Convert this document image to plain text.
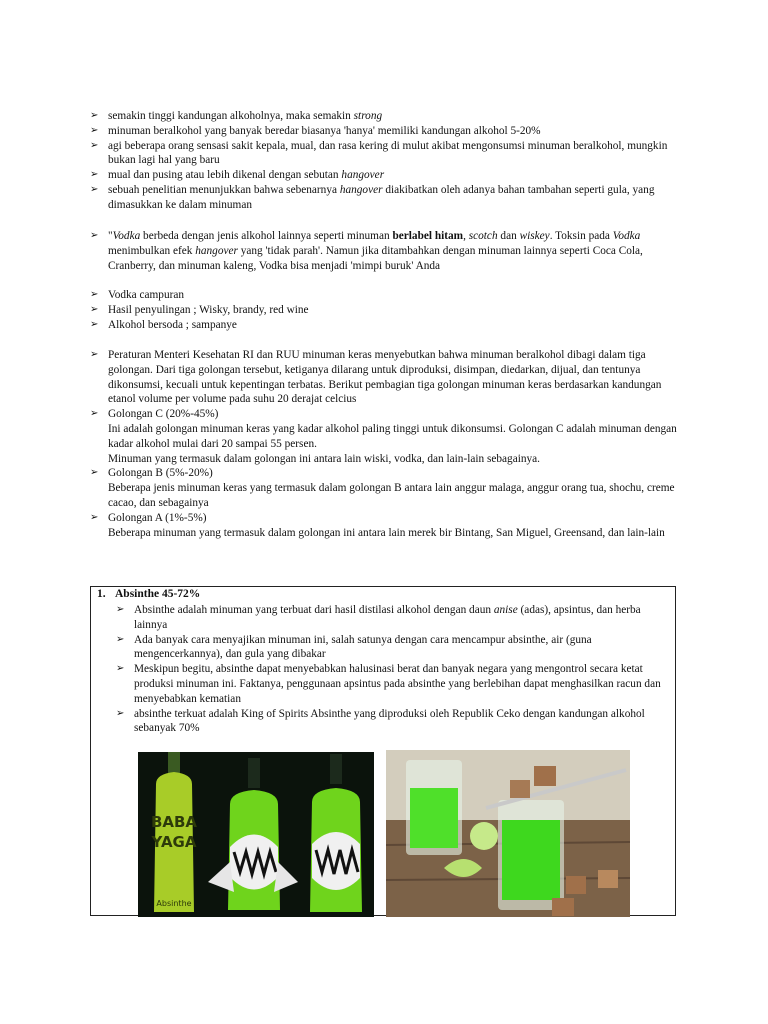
➢ semakin tinggi kandungan alkoholnya, maka semakin strong
➢ minuman beralkohol yang banyak beredar biasanya 'hanya' memiliki kandungan alkohol 5-20%
➢ agi beberapa orang sensasi sakit kepala, mual, dan rasa kering di mulut akibat mengonsumsi minuman beralkohol, mungkin bukan lagi hal yang baru
➢ mual dan pusing atau lebih dikenal dengan sebutan hangover
➢ sebuah penelitian menunjukkan bahwa sebenarnya hangover diakibatkan oleh adanya bahan tambahan seperti gula, yang dimasukkan ke dalam minuman
➢ "Vodka berbeda dengan jenis alkohol lainnya seperti minuman berlabel hitam, scotch dan wiskey. Toksin pada Vodka menimbulkan efek hangover yang 'tidak parah'. Namun jika ditambahkan dengan minuman lainnya seperti Coca Cola, Cranberry, dan minuman kaleng, Vodka bisa menjadi 'mimpi buruk' Anda
➢ Vodka campuran
➢ Hasil penyulingan ; Wisky, brandy, red wine
➢ Alkohol bersoda ; sampanye
➢ Peraturan Menteri Kesehatan RI dan RUU minuman keras menyebutkan bahwa minuman beralkohol dibagi dalam tiga golongan. Dari tiga golongan tersebut, ketiganya dilarang untuk diproduksi, disimpan, diedarkan, dijual, dan tentunya dikonsumsi, kecuali untuk kepentingan terbatas. Berikut pembagian tiga golongan minuman keras berdasarkan kandungan etanol volume per volume pada suhu 20 derajat celcius
➢ Golongan C (20%-45%)
Ini adalah golongan minuman keras yang kadar alkohol paling tinggi untuk dikonsumsi. Golongan C adalah minuman dengan kadar alkohol mulai dari 20 sampai 55 persen.
Minuman yang termasuk dalam golongan ini antara lain wiski, vodka, dan lain-lain sebagainya.
➢ Golongan B (5%-20%)
Beberapa jenis minuman keras yang termasuk dalam golongan B antara lain anggur malaga, anggur orang tua, shochu, creme cacao, dan sebagainya
➢ Golongan A (1%-5%)
Beberapa minuman yang termasuk dalam golongan ini antara lain merek bir Bintang, San Miguel, Greensand, dan lain-lain
1. Absinthe 45-72%
➢ Absinthe adalah minuman yang terbuat dari hasil distilasi alkohol dengan daun anise (adas), apsintus, dan herba lainnya
➢ Ada banyak cara menyajikan minuman ini, salah satunya dengan cara mencampur absinthe, air (guna mengencerkannya), dan gula yang dibakar
➢ Meskipun begitu, absinthe dapat menyebabkan halusinasi berat dan banyak negara yang mengontrol secara ketat produksi minuman ini. Faktanya, penggunaan apsintus pada absinthe yang berlebihan dapat menghasilkan racun dan menyebabkan kematian
➢ absinthe terkuat adalah King of Spirits Absinthe yang diproduksi oleh Republik Ceko dengan kandungan alkohol sebanyak 70%
BABA
YAGA
Absinthe
